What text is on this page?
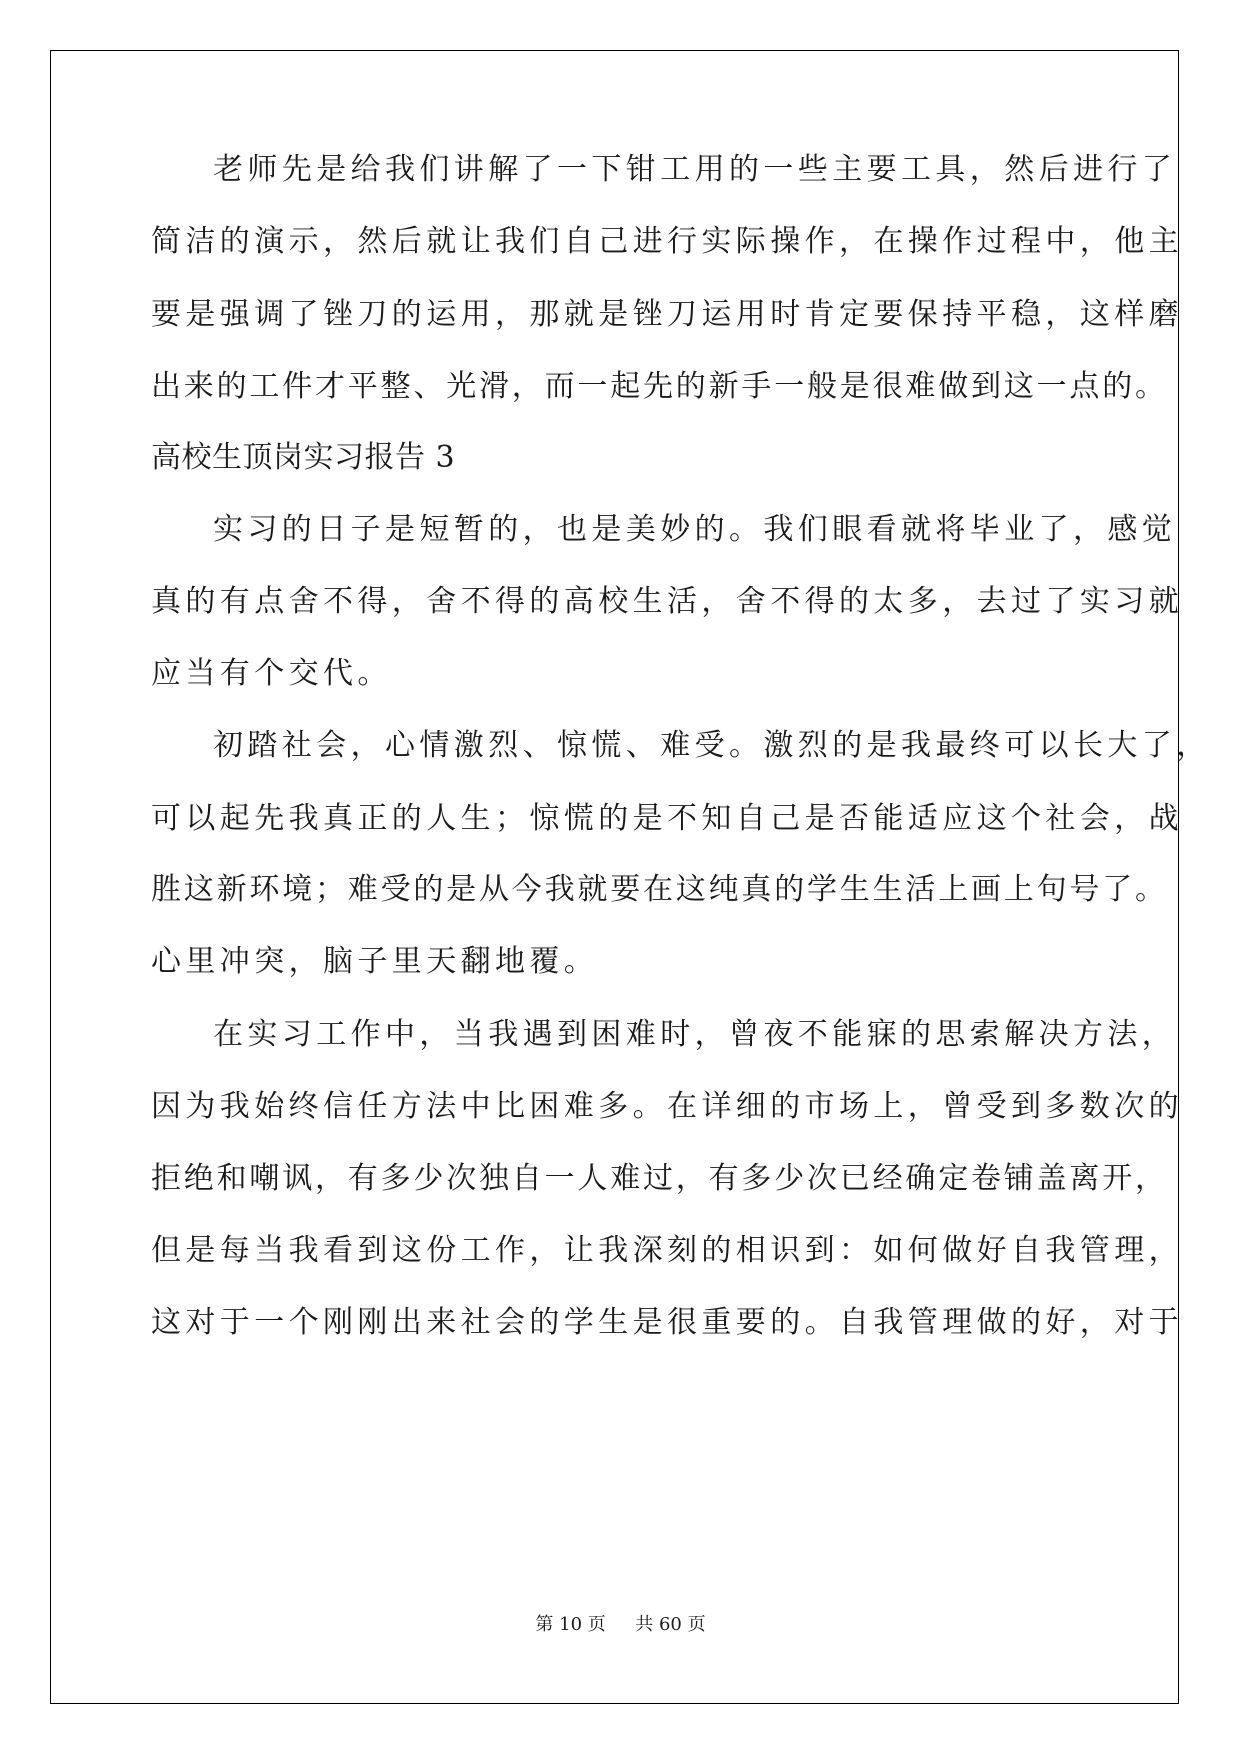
老师先是给我们讲解了一下钳工用的一些主要工具，然后进行了
简洁的演示，然后就让我们自己进行实际操作，在操作过程中，他主
要是强调了锉刀的运用，那就是锉刀运用时肯定要保持平稳，这样磨
出来的工件才平整、光滑，而一起先的新手一般是很难做到这一点的。
高校生顶岗实习报告 3
实习的日子是短暂的，也是美妙的。我们眼看就将毕业了，感觉
真的有点舍不得，舍不得的高校生活，舍不得的太多，去过了实习就
应当有个交代。
初踏社会，心情激烈、惊慌、难受。激烈的是我最终可以长大了，
可以起先我真正的人生；惊慌的是不知自己是否能适应这个社会，战
胜这新环境；难受的是从今我就要在这纯真的学生生活上画上句号了。
心里冲突，脑子里天翻地覆。
在实习工作中，当我遇到困难时，曾夜不能寐的思索解决方法，
因为我始终信任方法中比困难多。在详细的市场上，曾受到多数次的
拒绝和嘲讽，有多少次独自一人难过，有多少次已经确定卷铺盖离开，
但是每当我看到这份工作，让我深刻的相识到：如何做好自我管理，
这对于一个刚刚出来社会的学生是很重要的。自我管理做的好，对于
第 10 页 共 60 页
